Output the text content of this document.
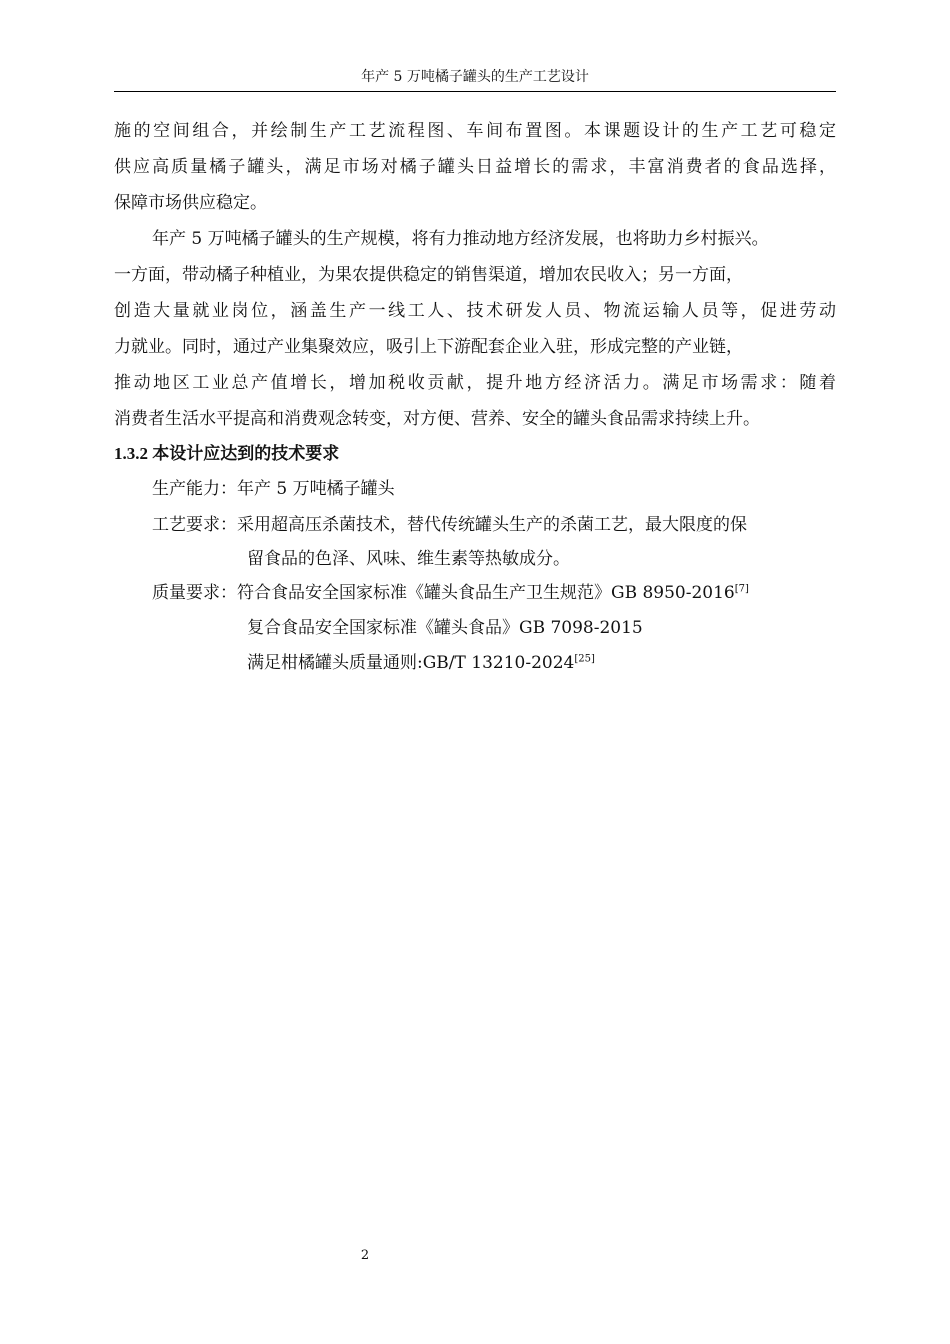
年产 5 万吨橘子罐头的生产工艺设计
施的空间组合，并绘制生产工艺流程图、车间布置图。本课题设计的生产工艺可稳定
供应高质量橘子罐头，满足市场对橘子罐头日益增长的需求，丰富消费者的食品选择，
保障市场供应稳定。
年产 5 万吨橘子罐头的生产规模，将有力推动地方经济发展，也将助力乡村振兴。
一方面，带动橘子种植业，为果农提供稳定的销售渠道，增加农民收入；另一方面，
创造大量就业岗位，涵盖生产一线工人、技术研发人员、物流运输人员等，促进劳动
力就业。同时，通过产业集聚效应，吸引上下游配套企业入驻，形成完整的产业链，
推动地区工业总产值增长，增加税收贡献，提升地方经济活力。满足市场需求：随着
消费者生活水平提高和消费观念转变，对方便、营养、安全的罐头食品需求持续上升。
1.3.2 本设计应达到的技术要求
生产能力：年产 5 万吨橘子罐头
工艺要求：采用超高压杀菌技术，替代传统罐头生产的杀菌工艺，最大限度的保
留食品的色泽、风味、维生素等热敏成分。
质量要求：符合食品安全国家标准《罐头食品生产卫生规范》GB 8950-2016[7]
复合食品安全国家标准《罐头食品》GB 7098-2015
满足柑橘罐头质量通则:GB/T 13210-2024[25]
2
